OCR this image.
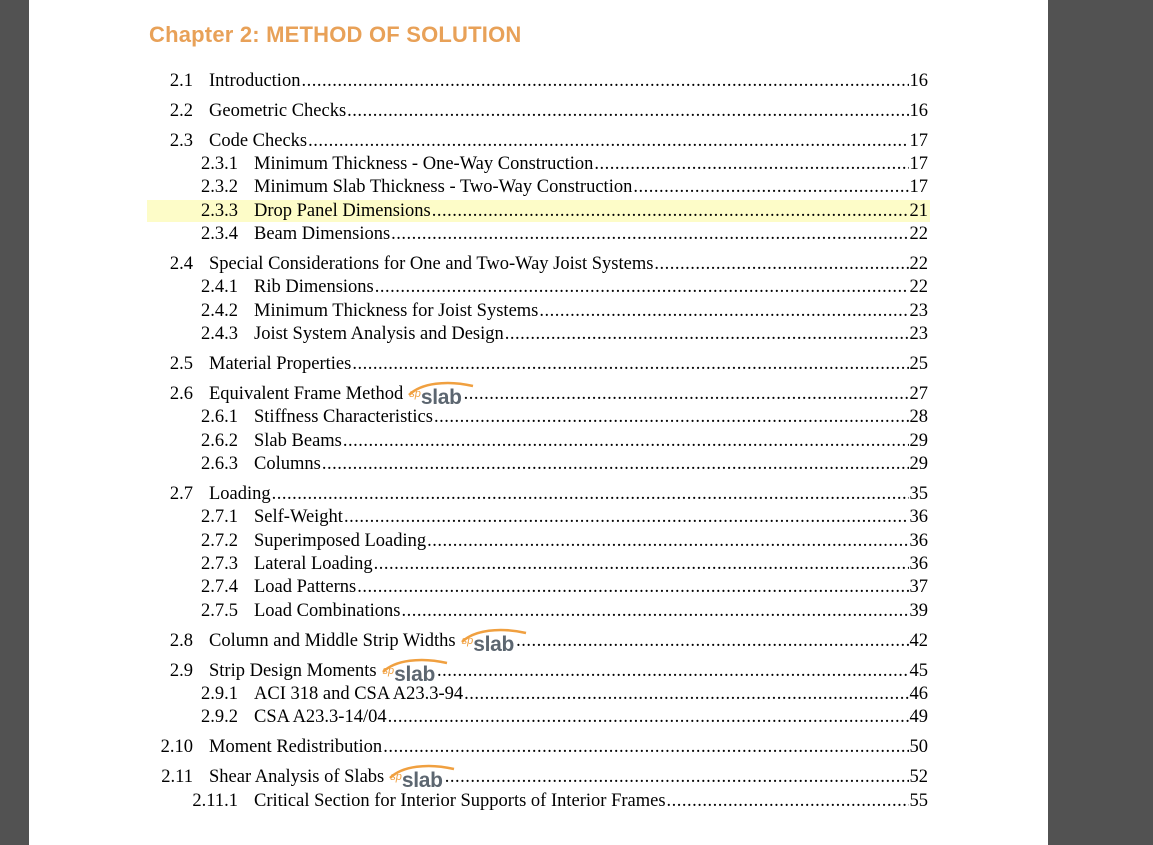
Chapter 2: METHOD OF SOLUTION
2.1 Introduction .....	16
2.2 Geometric Checks .....	16
2.3 Code Checks .....	17
2.3.1 Minimum Thickness - One-Way Construction .....	17
2.3.2 Minimum Slab Thickness - Two-Way Construction .....	17
2.3.3 Drop Panel Dimensions .....	21
2.3.4 Beam Dimensions .....	22
2.4 Special Considerations for One and Two-Way Joist Systems .....	22
2.4.1 Rib Dimensions .....	22
2.4.2 Minimum Thickness for Joist Systems .....	23
2.4.3 Joist System Analysis and Design .....	23
2.5 Material Properties .....	25
2.6 Equivalent Frame Method sp slab .....	27
2.6.1 Stiffness Characteristics .....	28
2.6.2 Slab Beams .....	29
2.6.3 Columns .....	29
2.7 Loading .....	35
2.7.1 Self-Weight .....	36
2.7.2 Superimposed Loading .....	36
2.7.3 Lateral Loading .....	36
2.7.4 Load Patterns .....	37
2.7.5 Load Combinations .....	39
2.8 Column and Middle Strip Widths sp slab .....	42
2.9 Strip Design Moments sp slab .....	45
2.9.1 ACI 318 and CSA A23.3-94 .....	46
2.9.2 CSA A23.3-14/04 .....	49
2.10 Moment Redistribution .....	50
2.11 Shear Analysis of Slabs sp slab .....	52
2.11.1 Critical Section for Interior Supports of Interior Frames .....	55
